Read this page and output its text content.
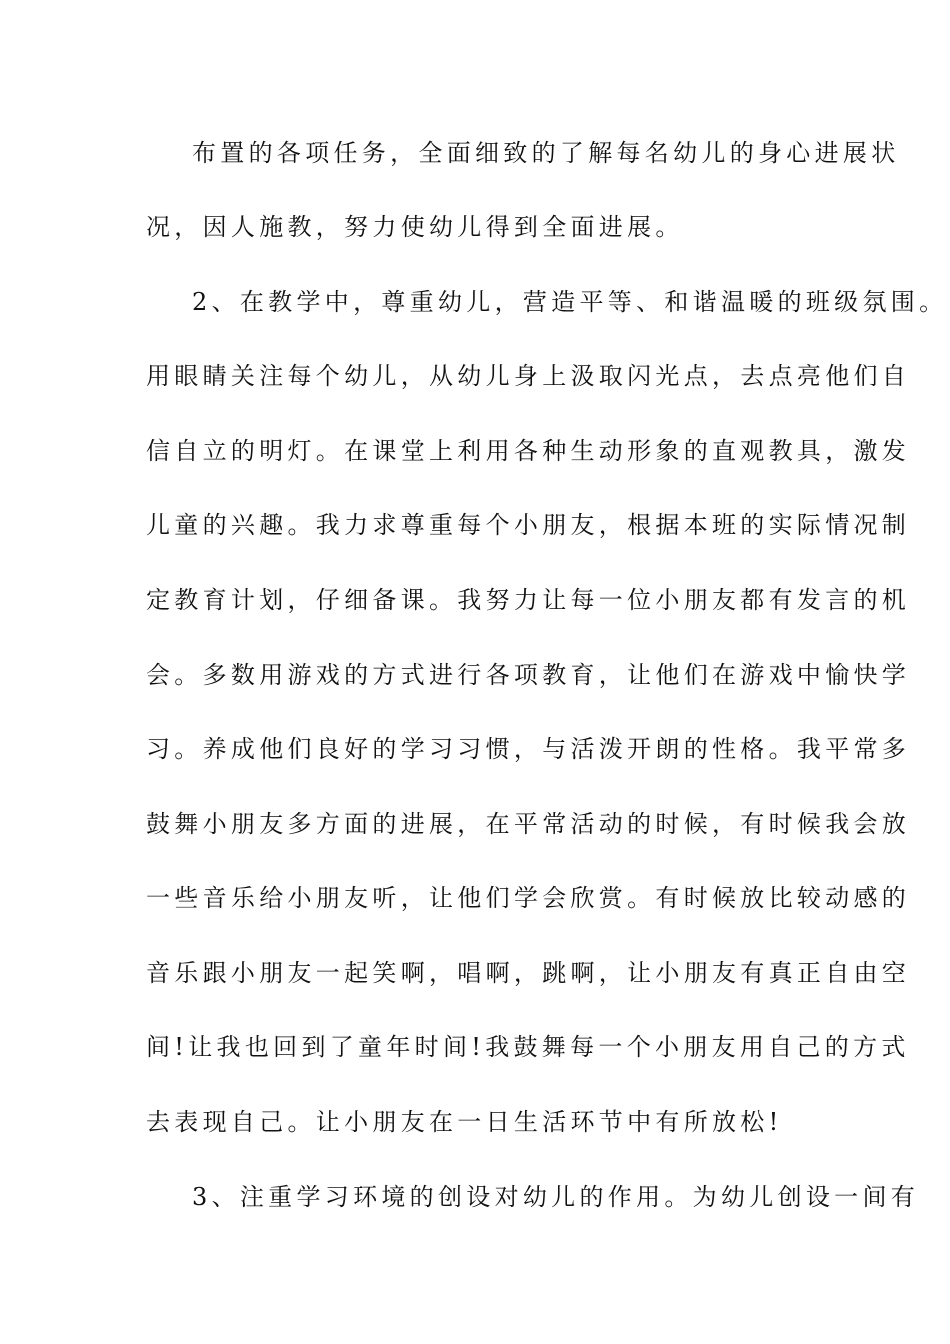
布置的各项任务，全面细致的了解每名幼儿的身心进展状
况，因人施教，努力使幼儿得到全面进展。
2、在教学中，尊重幼儿，营造平等、和谐温暖的班级氛围。
用眼睛关注每个幼儿，从幼儿身上汲取闪光点，去点亮他们自
信自立的明灯。在课堂上利用各种生动形象的直观教具，激发
儿童的兴趣。我力求尊重每个小朋友，根据本班的实际情况制
定教育计划，仔细备课。我努力让每一位小朋友都有发言的机
会。多数用游戏的方式进行各项教育，让他们在游戏中愉快学
习。养成他们良好的学习习惯，与活泼开朗的性格。我平常多
鼓舞小朋友多方面的进展，在平常活动的时候，有时候我会放
一些音乐给小朋友听，让他们学会欣赏。有时候放比较动感的
音乐跟小朋友一起笑啊，唱啊，跳啊，让小朋友有真正自由空
间!让我也回到了童年时间!我鼓舞每一个小朋友用自己的方式
去表现自己。让小朋友在一日生活环节中有所放松!
3、注重学习环境的创设对幼儿的作用。为幼儿创设一间有
